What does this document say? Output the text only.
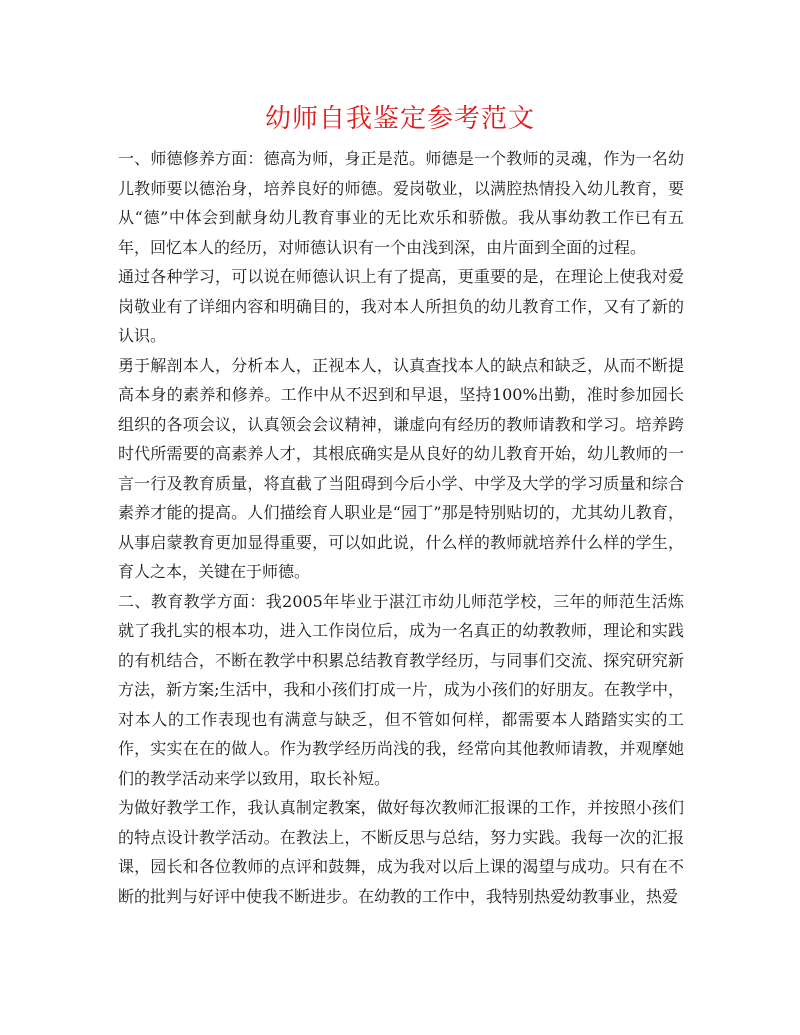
幼师自我鉴定参考范文

一、师德修养方面：德高为师，身正是范。师德是一个教师的灵魂，作为一名幼儿教师要以德治身，培养良好的师德。爱岗敬业，以满腔热情投入幼儿教育，要从“德”中体会到献身幼儿教育事业的无比欢乐和骄傲。我从事幼教工作已有五年，回忆本人的经历，对师德认识有一个由浅到深，由片面到全面的过程。

通过各种学习，可以说在师德认识上有了提高，更重要的是，在理论上使我对爱岗敬业有了详细内容和明确目的，我对本人所担负的幼儿教育工作，又有了新的认识。

勇于解剖本人，分析本人，正视本人，认真查找本人的缺点和缺乏，从而不断提高本身的素养和修养。工作中从不迟到和早退，坚持100%出勤，准时参加园长组织的各项会议，认真领会会议精神，谦虚向有经历的教师请教和学习。培养跨时代所需要的高素养人才，其根底确实是从良好的幼儿教育开始，幼儿教师的一言一行及教育质量，将直截了当阻碍到今后小学、中学及大学的学习质量和综合素养才能的提高。人们描绘育人职业是“园丁”那是特别贴切的，尤其幼儿教育，从事启蒙教育更加显得重要，可以如此说，什么样的教师就培养什么样的学生，育人之本，关键在于师德。

二、教育教学方面：我2005年毕业于湛江市幼儿师范学校，三年的师范生活炼就了我扎实的根本功，进入工作岗位后，成为一名真正的幼教教师，理论和实践的有机结合，不断在教学中积累总结教育教学经历，与同事们交流、探究研究新方法，新方案;生活中，我和小孩们打成一片，成为小孩们的好朋友。在教学中，对本人的工作表现也有满意与缺乏，但不管如何样，都需要本人踏踏实实的工作，实实在在的做人。作为教学经历尚浅的我，经常向其他教师请教，并观摩她们的教学活动来学以致用，取长补短。

为做好教学工作，我认真制定教案，做好每次教师汇报课的工作，并按照小孩们的特点设计教学活动。在教法上，不断反思与总结，努力实践。我每一次的汇报课，园长和各位教师的点评和鼓舞，成为我对以后上课的渴望与成功。只有在不断的批判与好评中使我不断进步。在幼教的工作中，我特别热爱幼教事业，热爱
